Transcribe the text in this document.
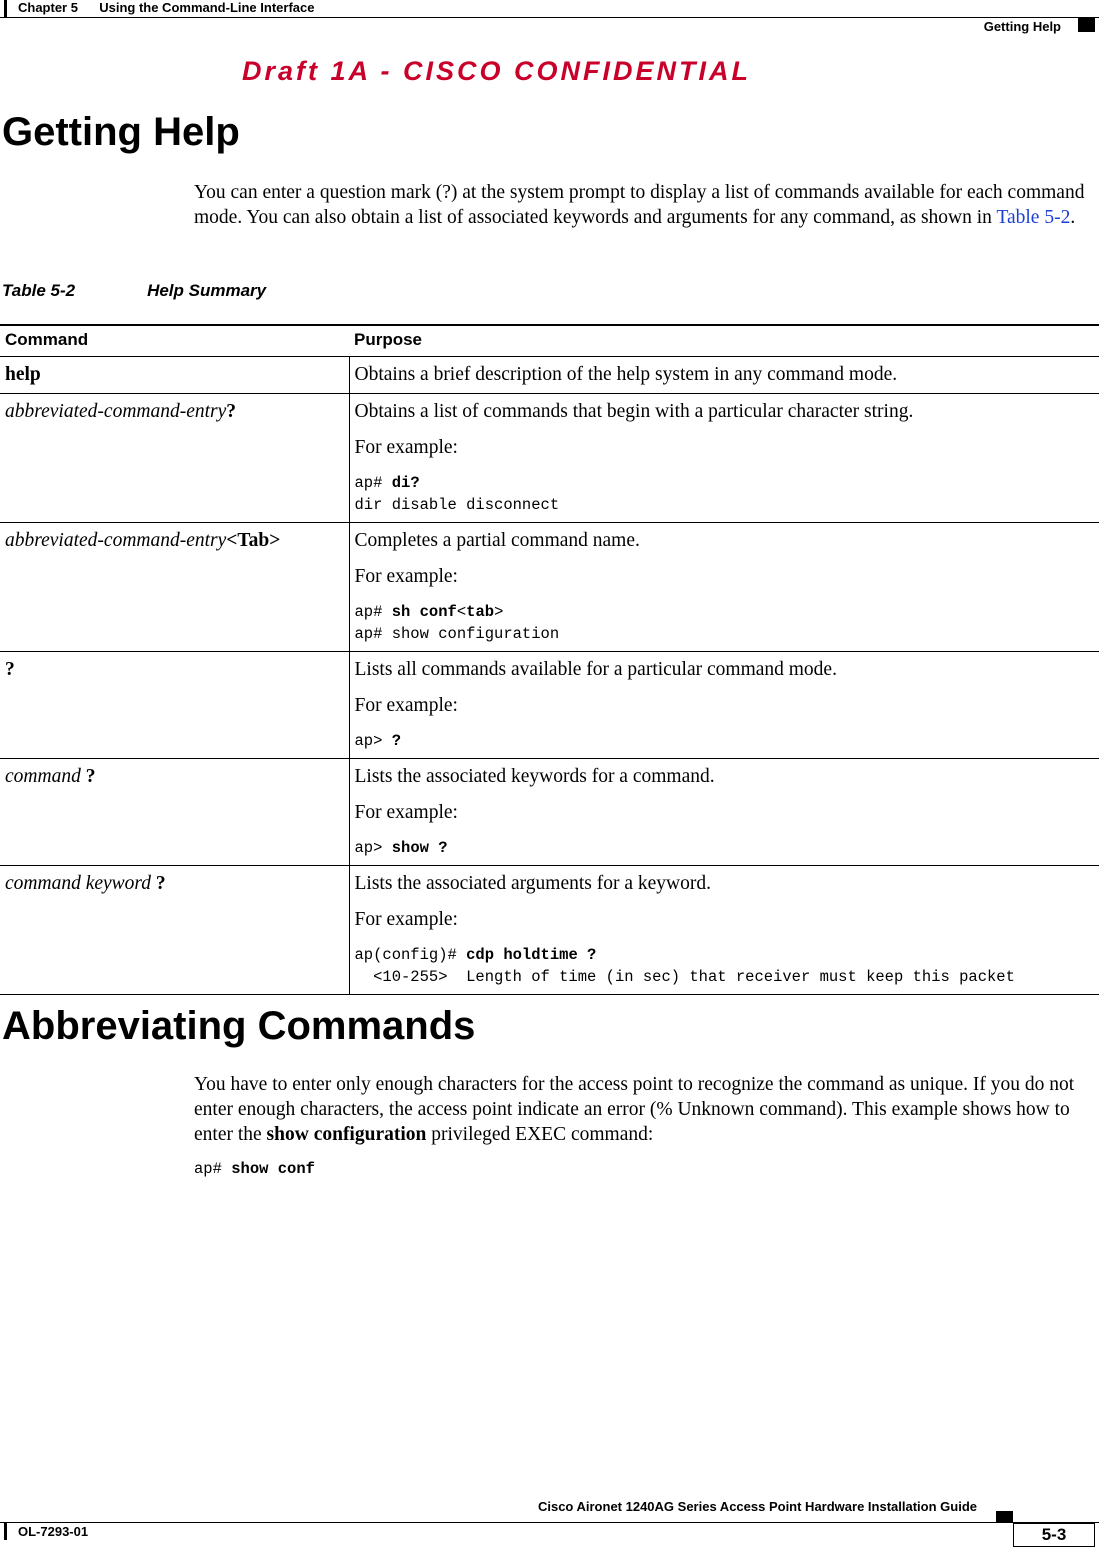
Chapter 5 Using the Command-Line Interface
Getting Help
Draft 1A - CISCO CONFIDENTIAL
Getting Help
You can enter a question mark (?) at the system prompt to display a list of commands available for each command mode. You can also obtain a list of associated keywords and arguments for any command, as shown in Table 5-2.
Table 5-2	Help Summary
Command	Purpose
help	Obtains a brief description of the help system in any command mode.

abbreviated-command-entry?	Obtains a list of commands that begin with a particular character string.
For example:
ap# di?
dir disable disconnect

abbreviated-command-entry<Tab>	Completes a partial command name.
For example:
ap# sh conf<tab>
ap# show configuration

?	Lists all commands available for a particular command mode.
For example:
ap> ?

command ?	Lists the associated keywords for a command.
For example:
ap> show ?

command keyword ?	Lists the associated arguments for a keyword.
For example:
ap(config)# cdp holdtime ?
<10-255>  Length of time (in sec) that receiver must keep this packet
Abbreviating Commands
You have to enter only enough characters for the access point to recognize the command as unique. If you do not enter enough characters, the access point indicate an error (% Unknown command). This example shows how to enter the show configuration privileged EXEC command:
ap# show conf
Cisco Aironet 1240AG Series Access Point Hardware Installation Guide
OL-7293-01	5-3
